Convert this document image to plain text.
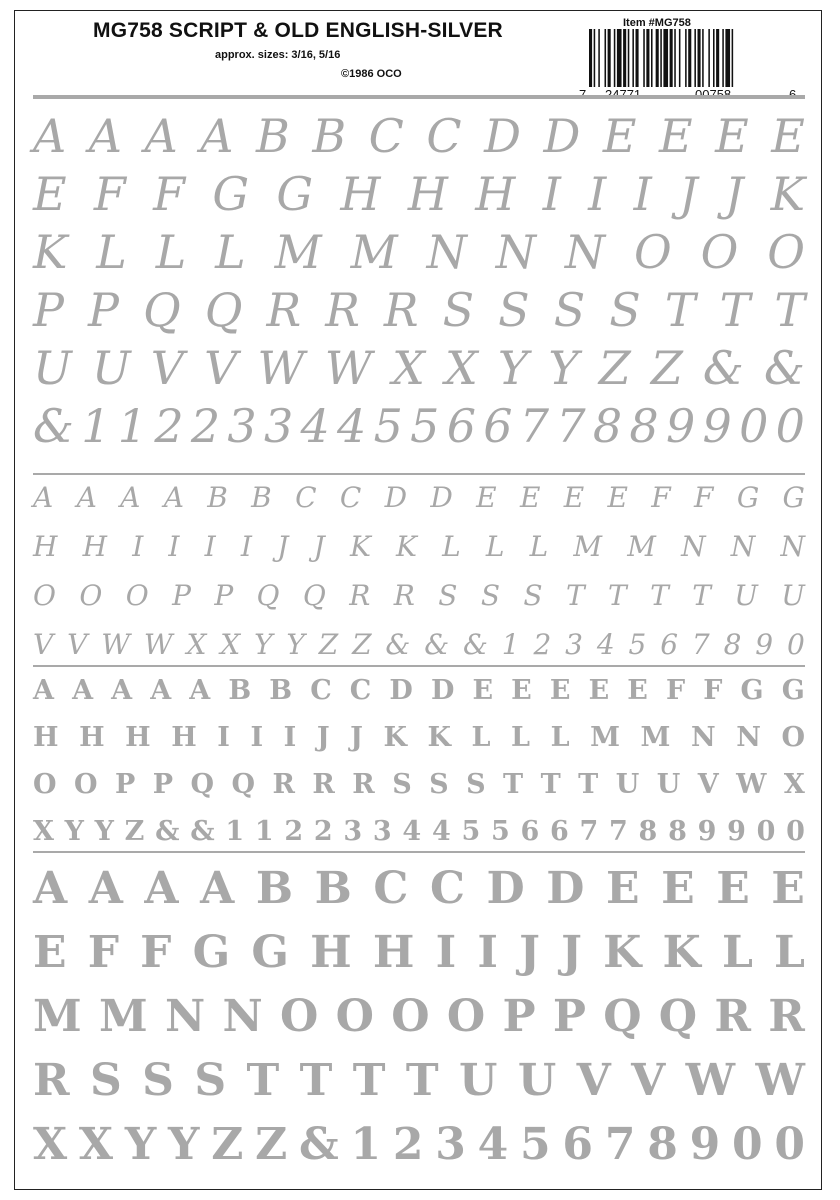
MG758 SCRIPT & OLD ENGLISH-SILVER
approx. sizes: 3/16, 5/16
©1986 OCO
Item #MG758
A A A A B B C C D D E E E E
E F F G G H H H I I I J J K
K L L L M M N N N O O O
P P Q Q R R R S S S S T T T
U U V V W W X X Y Y Z Z & &
& 1 1 2 2 3 3 4 4 5 5 6 6 7 7 8 8 9 9 0 0
A A A A B B C C D D E E E E F F G G
H H I I I I J J K K L L L M M N N N
O O O P P Q Q R R S S S T T T T U U
V V W W X X Y Y Z Z & & & 1 2 3 4 5 6 7 8 9 0
A A A A A B B C C D D E E E E E F F G G
H H H H I I I J J K K L L L M M N N O
O O P P Q Q R R R S S S T T T U U V W X
X Y Y Z & & 1 1 2 2 3 3 4 4 5 5 6 6 7 7 8 8 9 9 0 0
A A A A B B C C D D E E E E
E F F G G H H I I J J K K L L
M M N N O O O O P P Q Q R R
R S S S T T T T U U V V W W
X X Y Y Z Z & 1 2 3 4 5 6 7 8 9 0 0
